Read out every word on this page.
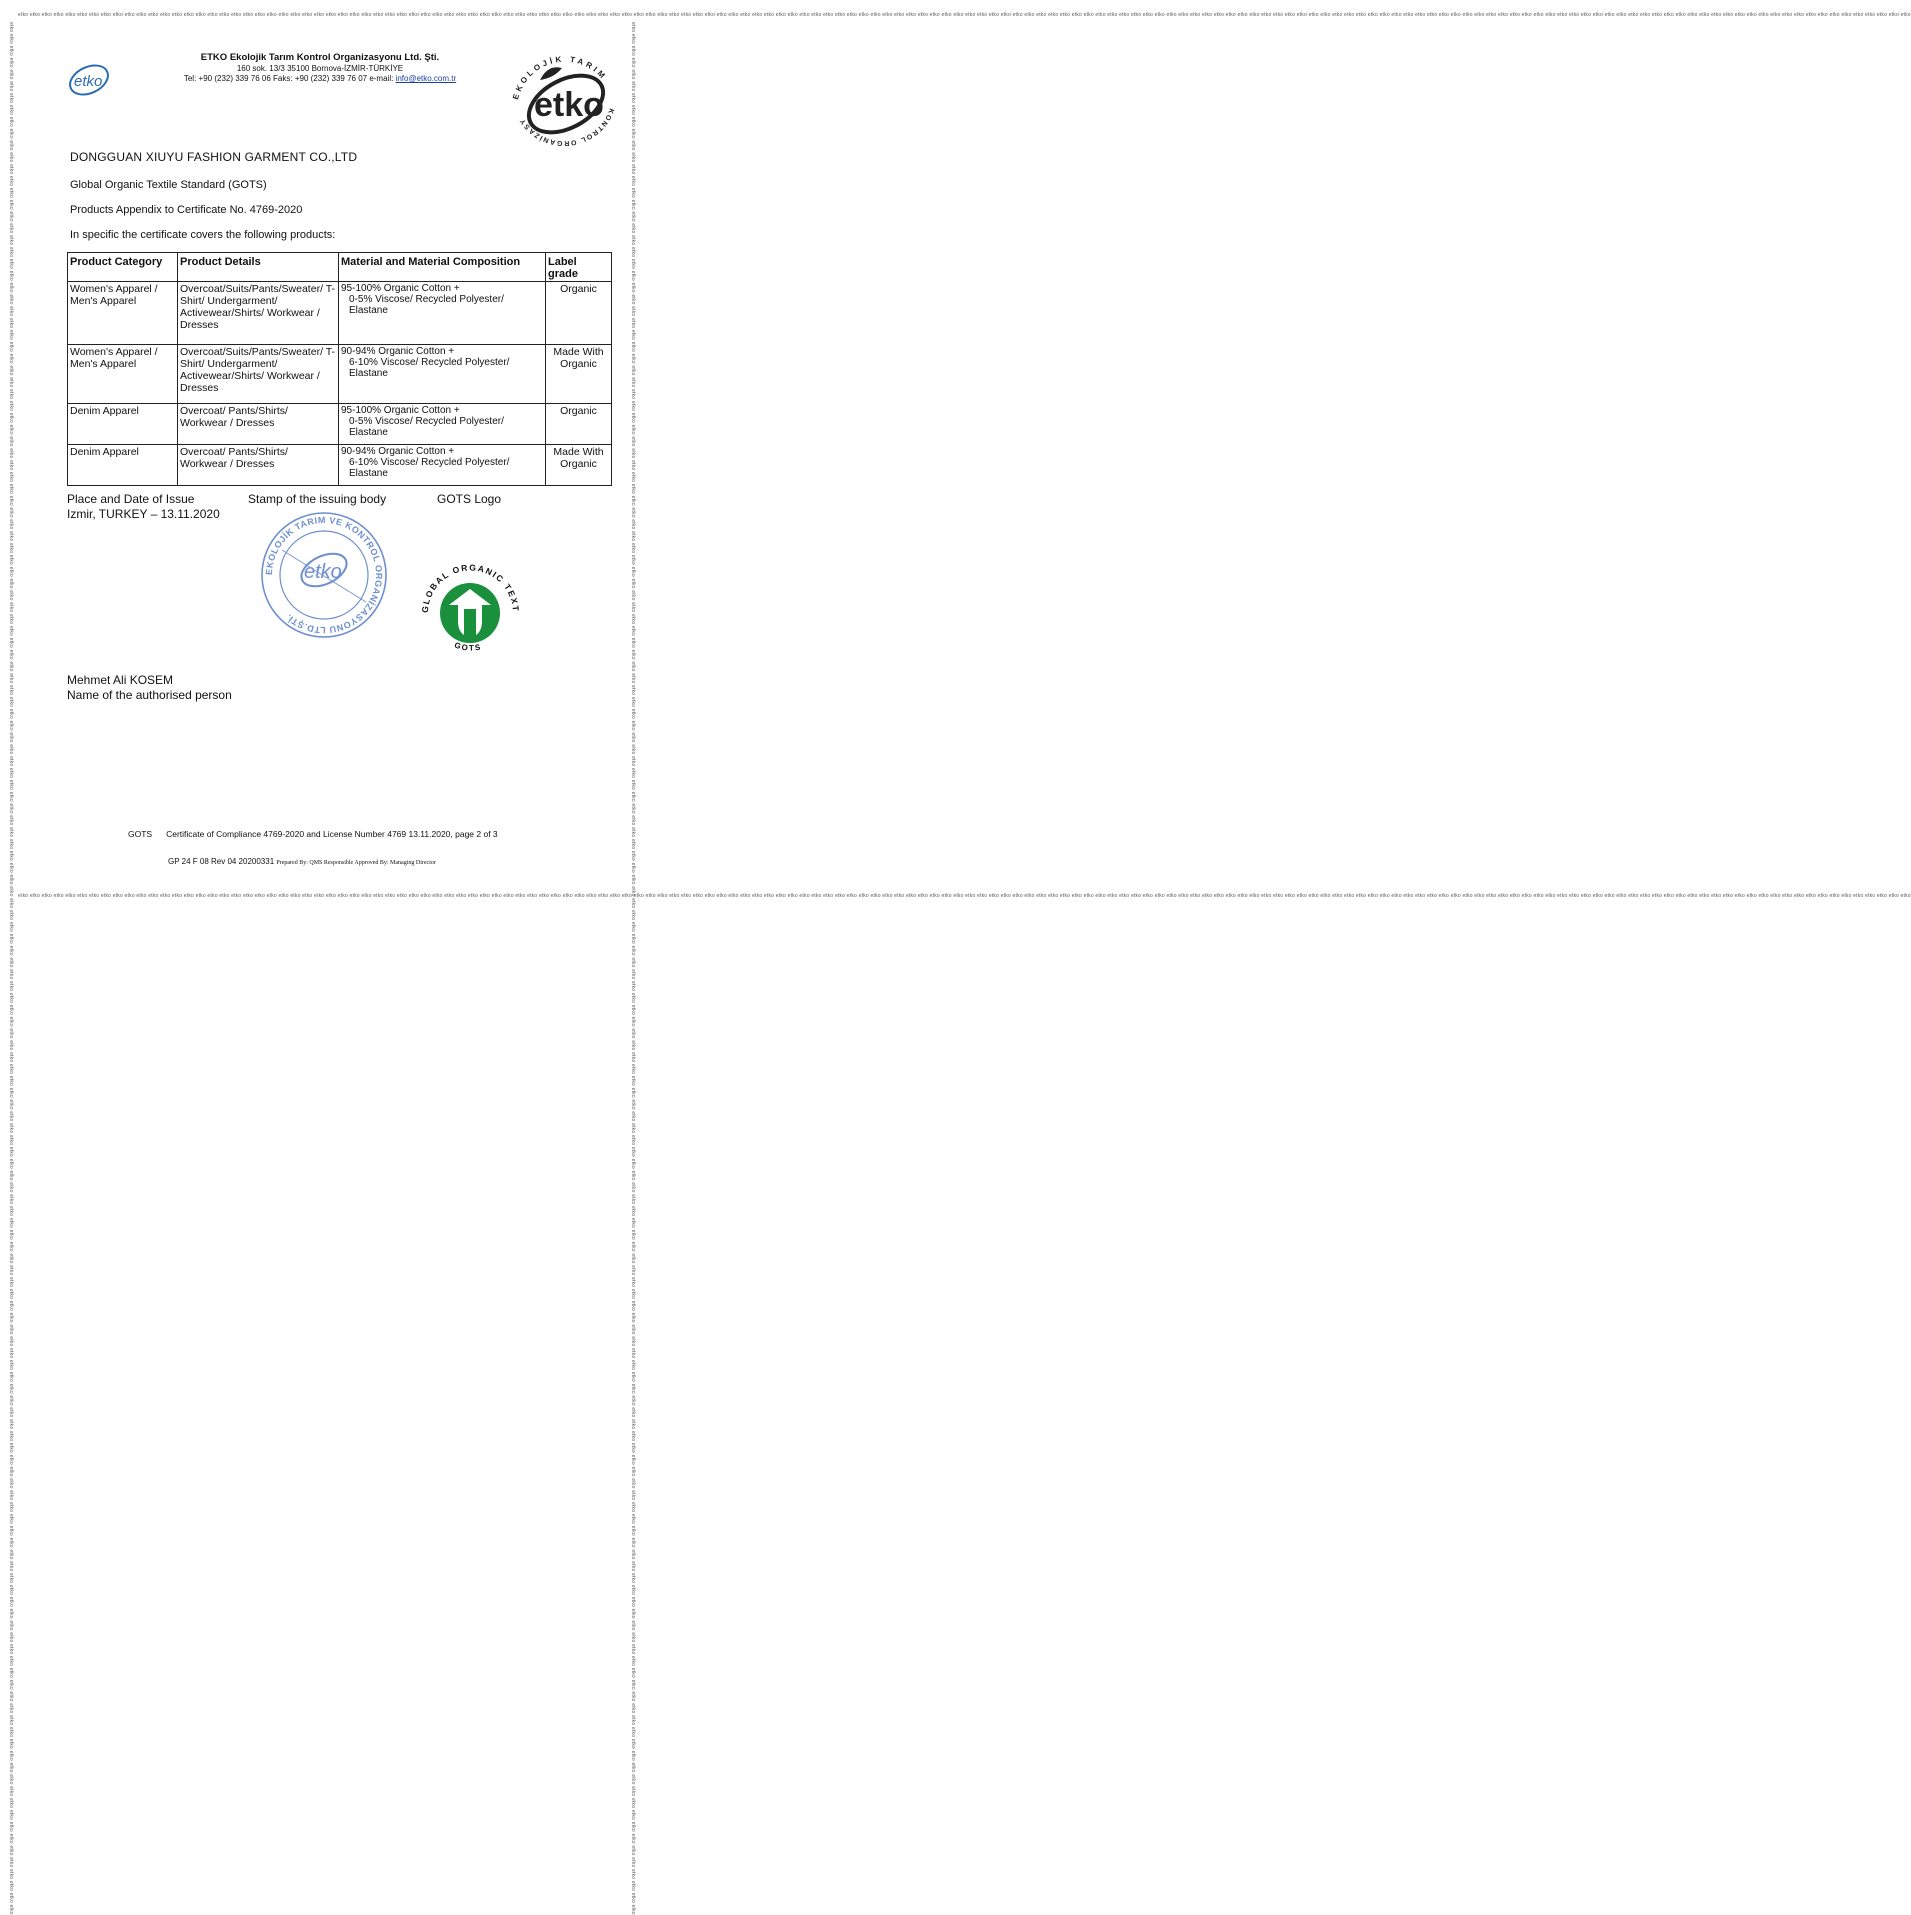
etko etko etko etko etko etko etko etko etko etko etko etko etko etko etko etko etko etko etko etko etko etko etko etko etko etko etko etko etko etko etko etko etko etko etko etko etko etko etko etko etko etko etko etko etko etko etko etko etko etko etko etko etko etko etko etko etko etko etko etko etko etko etko etko etko etko etko etko etko etko etko etko etko etko etko etko etko etko etko etko etko etko etko etko etko etko etko etko etko etko etko etko etko etko etko etko etko etko etko etko etko etko etko etko etko etko etko etko etko etko etko etko etko etko etko etko etko etko etko etko etko etko etko etko etko etko etko etko etko etko etko etko etko etko etko etko etko etko etko etko etko etko etko etko etko etko etko etko etko etko etko etko etko etko etko etko etko etko etko etko
etko etko etko etko etko etko etko etko etko etko etko etko etko etko etko etko etko etko etko etko etko etko etko etko etko etko etko etko etko etko etko etko etko etko etko etko etko etko etko etko etko etko etko etko etko etko etko etko etko etko etko etko etko etko etko etko etko etko etko etko etko etko etko etko etko etko etko etko etko etko etko etko etko etko etko etko etko etko etko etko etko etko etko etko etko etko etko etko etko etko etko etko etko etko etko etko etko etko etko etko etko etko etko etko etko etko etko etko etko etko etko etko etko etko etko etko etko etko etko etko etko etko etko etko etko etko etko etko etko etko etko etko etko etko etko etko etko etko etko etko etko etko etko etko etko etko etko etko etko etko etko etko etko etko etko etko etko etko etko etko
etko etko etko etko etko etko etko etko etko etko etko etko etko etko etko etko etko etko etko etko etko etko etko etko etko etko etko etko etko etko etko etko etko etko etko etko etko etko etko etko etko etko etko etko etko etko etko etko etko etko etko etko etko etko etko etko etko etko etko etko etko etko etko etko etko etko etko etko etko etko etko etko etko etko etko etko etko etko etko etko etko etko etko etko etko etko etko etko etko etko etko etko etko etko etko etko etko etko etko etko etko etko etko etko etko etko etko etko etko etko etko etko etko etko etko etko etko etko etko etko etko etko etko etko etko etko etko etko etko etko etko etko etko etko etko etko etko etko etko etko etko etko etko etko etko etko etko etko etko etko etko etko etko etko etko etko etko etko etko etko	etko etko etko etko etko etko etko etko etko etko etko etko etko etko etko etko etko etko etko etko etko etko etko etko etko etko etko etko etko etko etko etko etko etko etko etko etko etko etko etko etko etko etko etko etko etko etko etko etko etko etko etko etko etko etko etko etko etko etko etko etko etko etko etko etko etko etko etko etko etko etko etko etko etko etko etko etko etko etko etko etko etko etko etko etko etko etko etko etko etko etko etko etko etko etko etko etko etko etko etko etko etko etko etko etko etko etko etko etko etko etko etko etko etko etko etko etko etko etko etko etko etko etko etko etko etko etko etko etko etko etko etko etko etko etko etko etko etko etko etko etko etko etko etko etko etko etko etko etko etko etko etko etko etko etko etko etko etko etko etko
etko
ETKO Ekolojik Tarım Kontrol Organizasyonu Ltd. Şti.
160 sok. 13/3 35100 Bornova-İZMİR-TÜRKİYE
Tel: +90 (232) 339 76 06 Faks: +90 (232) 339 76 07 e-mail: info@etko.com.tr
EKOLOJİK TARIM
KONTROL ORGANİZASY etko
DONGGUAN XIUYU FASHION GARMENT CO.,LTD
Global Organic Textile Standard (GOTS)
Products Appendix to Certificate No. 4769-2020
In specific the certificate covers the following products:
Product Category	Product Details	Material and Material Composition	Label grade
Women's Apparel / Men's Apparel	Overcoat/Suits/Pants/Sweater/ T-Shirt/ Undergarment/ Activewear/Shirts/ Workwear / Dresses	95-100% Organic Cotton +
0-5% Viscose/ Recycled Polyester/ Elastane	Organic
Women's Apparel / Men's Apparel	Overcoat/Suits/Pants/Sweater/ T-Shirt/ Undergarment/ Activewear/Shirts/ Workwear / Dresses	90-94% Organic Cotton +
6-10% Viscose/ Recycled Polyester/ Elastane	Made With Organic
Denim Apparel	Overcoat/ Pants/Shirts/ Workwear / Dresses	95-100% Organic Cotton +
0-5% Viscose/ Recycled Polyester/ Elastane	Organic
Denim Apparel	Overcoat/ Pants/Shirts/ Workwear / Dresses	90-94% Organic Cotton +
6-10% Viscose/ Recycled Polyester/ Elastane	Made With Organic
Place and Date of Issue	Stamp of the issuing body	GOTS Logo
Izmir, TURKEY – 13.11.2020
EKOLOJİK TARIM VE KONTROL ORGANİZASYONU LTD.ŞTİ.
etko
GLOBAL ORGANIC TEXT
GOTS
Mehmet Ali KOSEM
Name of the authorised person
GOTS Certificate of Compliance 4769-2020 and License Number 4769 13.11.2020, page 2 of 3
GP 24 F 08 Rev 04 20200331 Prepared By: QMS Responsible Approved By: Managing Director
